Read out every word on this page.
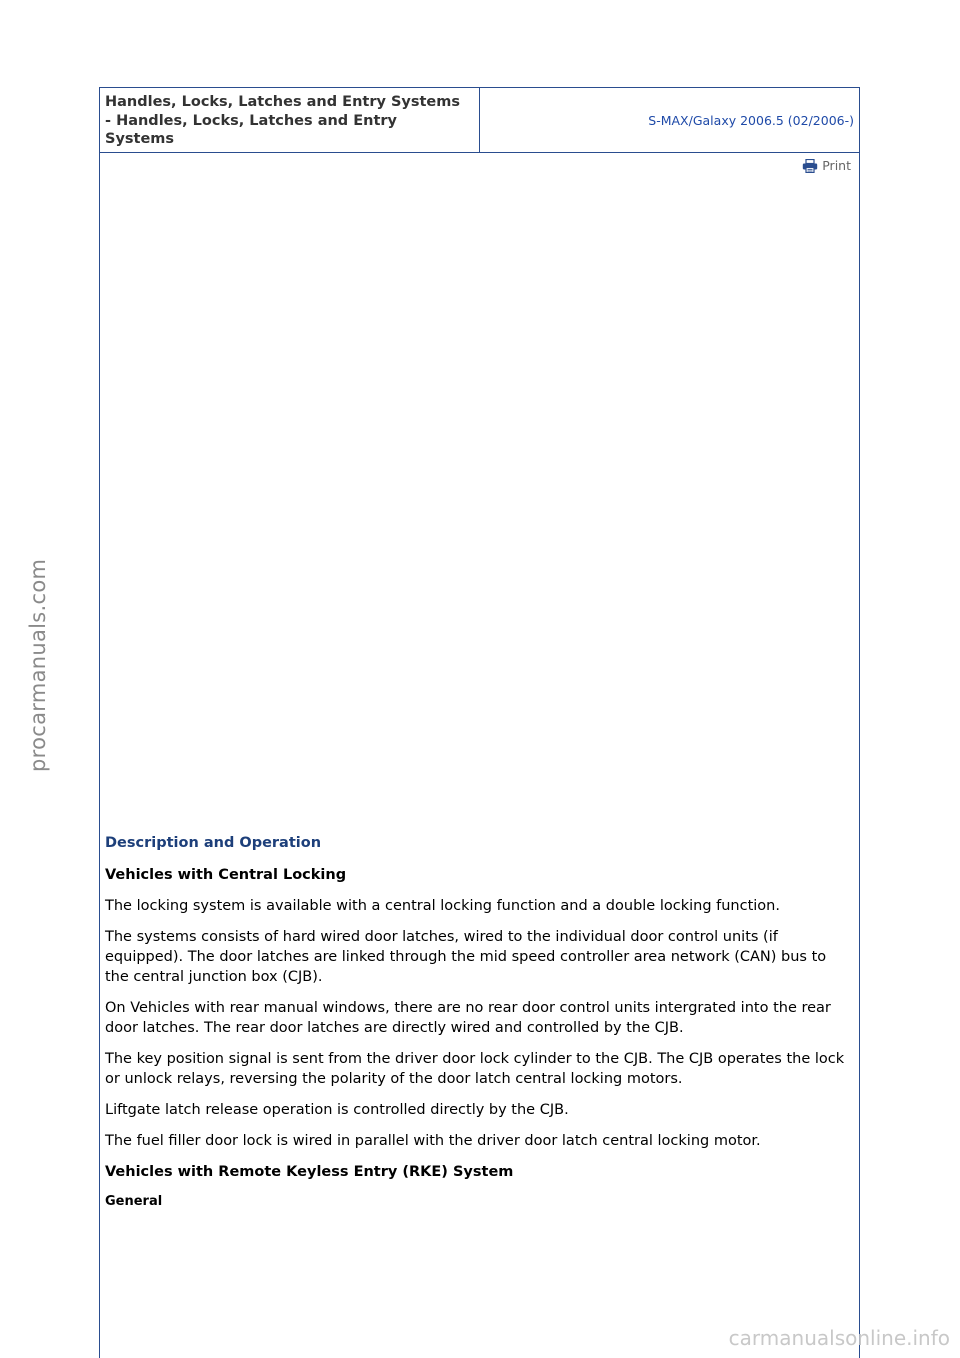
Handles, Locks, Latches and Entry Systems - Handles, Locks, Latches and Entry Systems
S-MAX/Galaxy 2006.5 (02/2006-)
Print
Description and Operation
Vehicles with Central Locking
The locking system is available with a central locking function and a double locking function.
The systems consists of hard wired door latches, wired to the individual door control units (if equipped). The door latches are linked through the mid speed controller area network (CAN) bus to the central junction box (CJB).
On Vehicles with rear manual windows, there are no rear door control units intergrated into the rear door latches. The rear door latches are directly wired and controlled by the CJB.
The key position signal is sent from the driver door lock cylinder to the CJB. The CJB operates the lock or unlock relays, reversing the polarity of the door latch central locking motors.
Liftgate latch release operation is controlled directly by the CJB.
The fuel filler door lock is wired in parallel with the driver door latch central locking motor.
Vehicles with Remote Keyless Entry (RKE) System
General
procarmanuals.com
carmanualsonline.info
